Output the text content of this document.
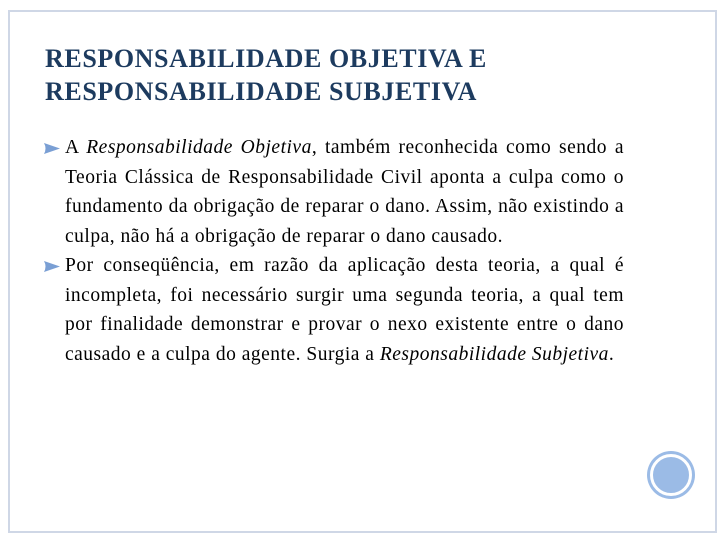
RESPONSABILIDADE OBJETIVA E
RESPONSABILIDADE SUBJETIVA
A Responsabilidade Objetiva, também reconhecida como sendo a Teoria Clássica de Responsabilidade Civil aponta a culpa como o fundamento da obrigação de reparar o dano. Assim, não existindo a culpa, não há a obrigação de reparar o dano causado.
Por conseqüência, em razão da aplicação desta teoria, a qual é incompleta, foi necessário surgir uma segunda teoria, a qual tem por finalidade demonstrar e provar o nexo existente entre o dano causado e a culpa do agente. Surgia a Responsabilidade Subjetiva.
